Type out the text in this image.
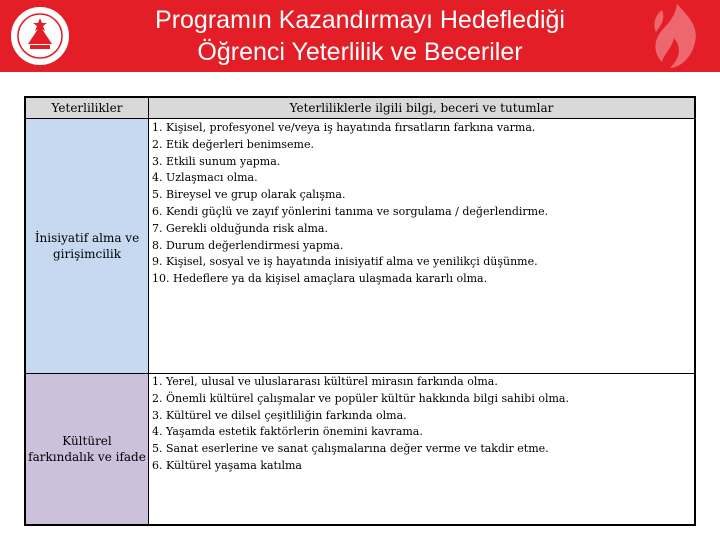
Programın Kazandırmayı Hedeflediği
Öğrenci Yeterlilik ve Beceriler
Yeterlilikler	Yeterliliklerle ilgili bilgi, beceri ve tutumlar
İnisiyatif alma ve girişimcilik
1. Kişisel, profesyonel ve/veya iş hayatında fırsatların farkına varma.
2. Etik değerleri benimseme.
3. Etkili sunum yapma.
4. Uzlaşmacı olma.
5. Bireysel ve grup olarak çalışma.
6. Kendi güçlü ve zayıf yönlerini tanıma ve sorgulama / değerlendirme.
7. Gerekli olduğunda risk alma.
8. Durum değerlendirmesi yapma.
9. Kişisel, sosyal ve iş hayatında inisiyatif alma ve yenilikçi düşünme.
10. Hedeflere ya da kişisel amaçlara ulaşmada kararlı olma.
Kültürel farkındalık ve ifade
1. Yerel, ulusal ve uluslararası kültürel mirasın farkında olma.
2. Önemli kültürel çalışmalar ve popüler kültür hakkında bilgi sahibi olma.
3. Kültürel ve dilsel çeşitliliğin farkında olma.
4. Yaşamda estetik faktörlerin önemini kavrama.
5. Sanat eserlerine ve sanat çalışmalarına değer verme ve takdir etme.
6. Kültürel yaşama katılma
